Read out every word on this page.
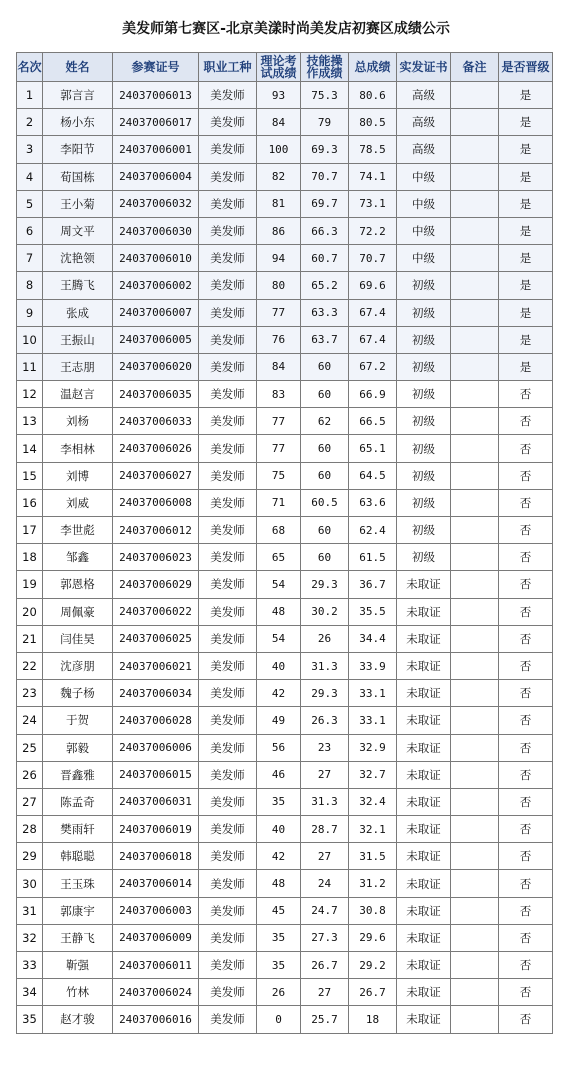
美发师第七赛区-北京美漾时尚美发店初赛区成绩公示
名次	姓名	参赛证号	职业工种	理论考试成绩	技能操作成绩	总成绩	实发证书	备注	是否晋级
1	郭言言	24037006013	美发师	93	75.3	80.6	高级		是
2	杨小东	24037006017	美发师	84	79	80.5	高级		是
3	李阳节	24037006001	美发师	100	69.3	78.5	高级		是
4	荀国栋	24037006004	美发师	82	70.7	74.1	中级		是
5	王小菊	24037006032	美发师	81	69.7	73.1	中级		是
6	周文平	24037006030	美发师	86	66.3	72.2	中级		是
7	沈艳领	24037006010	美发师	94	60.7	70.7	中级		是
8	王腾飞	24037006002	美发师	80	65.2	69.6	初级		是
9	张成	24037006007	美发师	77	63.3	67.4	初级		是
10	王振山	24037006005	美发师	76	63.7	67.4	初级		是
11	王志朋	24037006020	美发师	84	60	67.2	初级		是
12	温赵言	24037006035	美发师	83	60	66.9	初级		否
13	刘杨	24037006033	美发师	77	62	66.5	初级		否
14	李相林	24037006026	美发师	77	60	65.1	初级		否
15	刘博	24037006027	美发师	75	60	64.5	初级		否
16	刘威	24037006008	美发师	71	60.5	63.6	初级		否
17	李世彪	24037006012	美发师	68	60	62.4	初级		否
18	邹鑫	24037006023	美发师	65	60	61.5	初级		否
19	郭恩格	24037006029	美发师	54	29.3	36.7	未取证		否
20	周佩豪	24037006022	美发师	48	30.2	35.5	未取证		否
21	闫佳昊	24037006025	美发师	54	26	34.4	未取证		否
22	沈彦朋	24037006021	美发师	40	31.3	33.9	未取证		否
23	魏子杨	24037006034	美发师	42	29.3	33.1	未取证		否
24	于贺	24037006028	美发师	49	26.3	33.1	未取证		否
25	郭毅	24037006006	美发师	56	23	32.9	未取证		否
26	晋鑫雅	24037006015	美发师	46	27	32.7	未取证		否
27	陈孟奇	24037006031	美发师	35	31.3	32.4	未取证		否
28	樊雨轩	24037006019	美发师	40	28.7	32.1	未取证		否
29	韩聪聪	24037006018	美发师	42	27	31.5	未取证		否
30	王玉珠	24037006014	美发师	48	24	31.2	未取证		否
31	郭康宇	24037006003	美发师	45	24.7	30.8	未取证		否
32	王静飞	24037006009	美发师	35	27.3	29.6	未取证		否
33	靳强	24037006011	美发师	35	26.7	29.2	未取证		否
34	竹林	24037006024	美发师	26	27	26.7	未取证		否
35	赵才骏	24037006016	美发师	0	25.7	18	未取证		否
